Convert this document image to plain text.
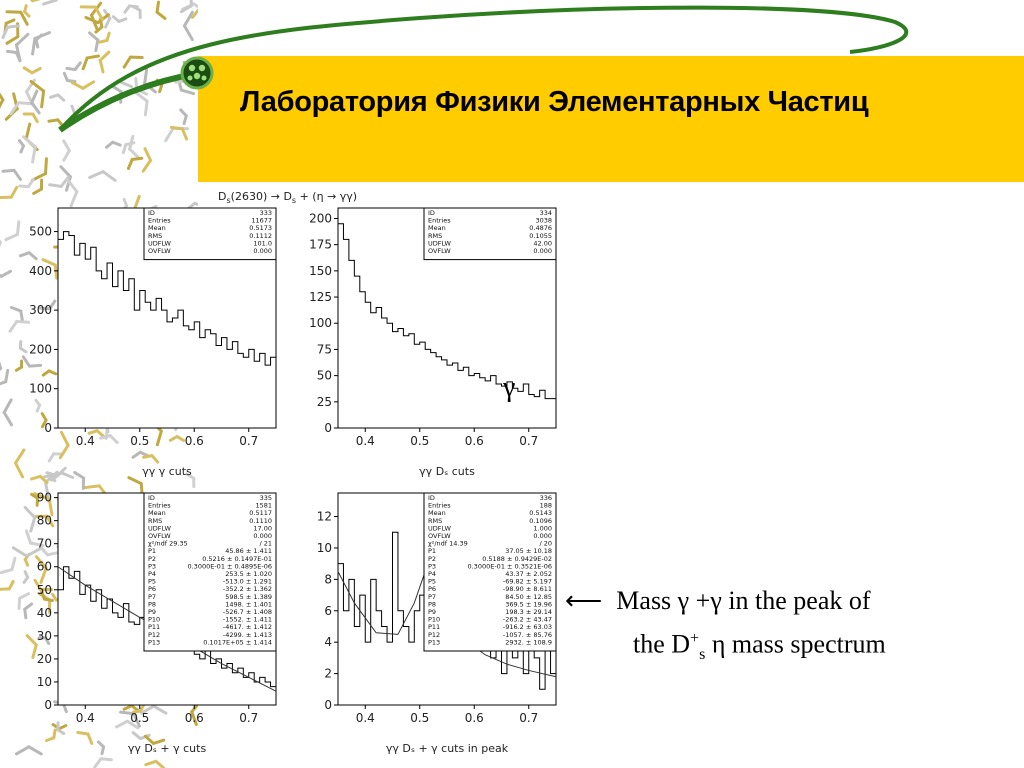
Лаборатория Физики Элементарных Частиц
$D_s(2630) \to D_s + (\eta \to \gamma\gamma)$
0
100
200
300
400
500
0.4	0.5	0.6	0.7
γγ γ cuts
ID	333
Entries	11677
Mean	0.5173
RMS	0.1112
UDFLW	101.0
OVFLW	0.000
0
25
50
75
100
125
150
175
200
0.4	0.5	0.6	0.7
γγ Dₛ cuts
ID	334
Entries	3038
Mean	0.4876
RMS	0.1055
UDFLW	42.00
OVFLW	0.000
0
10
20
30
40
50
60
70
80
90
0.4	0.5	0.6	0.7
γγ Dₛ + γ cuts
ID	335
Entries	1581
Mean	0.5117
RMS	0.1110
UDFLW	17.00
OVFLW	0.000
χ²/ndf 29.35	/ 21
P1	45.86 ± 1.411
P2	0.5216 ± 0.1497E-01
P3	0.3000E-01 ± 0.4895E-06
P4	253.5 ± 1.020
P5	-513.0 ± 1.291
P6	-352.2 ± 1.362
P7	598.5 ± 1.389
P8	1498. ± 1.401
P9	-526.7 ± 1.408
P10	-1552. ± 1.411
P11	-4617. ± 1.412
P12	-4299. ± 1.413
P13	0.1017E+05 ± 1.414
0
2
4
6
8
10
12
0.4	0.5	0.6	0.7
γγ Dₛ + γ cuts in peak
ID	336
Entries	188
Mean	0.5143
RMS	0.1096
UDFLW	1.000
OVFLW	0.000
χ²/ndf 14.39	/ 20
P1	37.05 ± 10.18
P2	0.5188 ± 0.9429E-02
P3	0.3000E-01 ± 0.3521E-06
P4	43.37 ± 2.052
P5	-69.82 ± 5.197
P6	-98.90 ± 8.611
P7	84.50 ± 12.85
P8	369.5 ± 19.96
P9	198.3 ± 29.14
P10	-263.2 ± 43.47
P11	-916.2 ± 63.03
P12	-1057. ± 85.76
P13	2932. ± 108.9
γ
⟵ Mass γ +γ in the peak of
the $D^+_s$ η mass spectrum
